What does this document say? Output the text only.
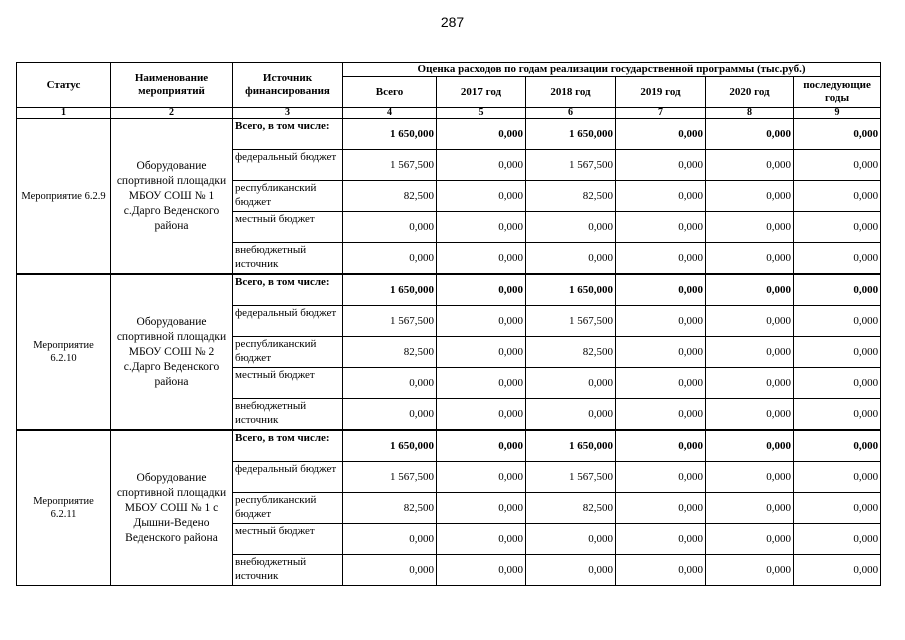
287
Статус	Наименование мероприятий	Источник финансирования	Оценка расходов по годам реализации государственной программы (тыс.руб.)					
			Всего	2017 год	2018 год	2019 год	2020 год	последующие годы
1	2	3	4	5	6	7	8	9
Мероприятие 6.2.9	Оборудование спортивной площадки МБОУ СОШ № 1 с.Дарго Веденского района	Всего, в том числе:	1 650,000	0,000	1 650,000	0,000	0,000	0,000
		федеральный бюджет	1 567,500	0,000	1 567,500	0,000	0,000	0,000
		республиканский бюджет	82,500	0,000	82,500	0,000	0,000	0,000
		местный бюджет	0,000	0,000	0,000	0,000	0,000	0,000
		внебюджетный источник	0,000	0,000	0,000	0,000	0,000	0,000
Мероприятие 6.2.10	Оборудование спортивной площадки МБОУ СОШ № 2 с.Дарго Веденского района	Всего, в том числе:	1 650,000	0,000	1 650,000	0,000	0,000	0,000
		федеральный бюджет	1 567,500	0,000	1 567,500	0,000	0,000	0,000
		республиканский бюджет	82,500	0,000	82,500	0,000	0,000	0,000
		местный бюджет	0,000	0,000	0,000	0,000	0,000	0,000
		внебюджетный источник	0,000	0,000	0,000	0,000	0,000	0,000
Мероприятие 6.2.11	Оборудование спортивной площадки МБОУ СОШ № 1 с Дышни-Ведено Веденского района	Всего, в том числе:	1 650,000	0,000	1 650,000	0,000	0,000	0,000
		федеральный бюджет	1 567,500	0,000	1 567,500	0,000	0,000	0,000
		республиканский бюджет	82,500	0,000	82,500	0,000	0,000	0,000
		местный бюджет	0,000	0,000	0,000	0,000	0,000	0,000
		внебюджетный источник	0,000	0,000	0,000	0,000	0,000	0,000
